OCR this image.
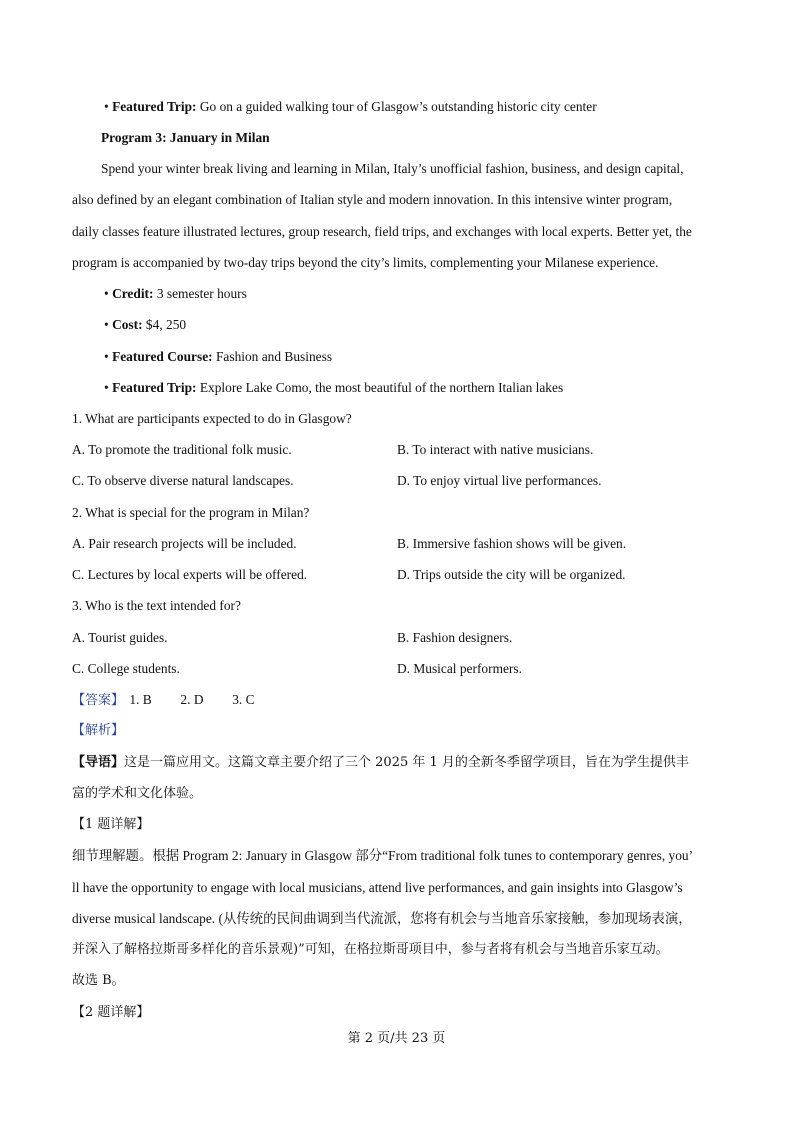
• Featured Trip: Go on a guided walking tour of Glasgow’s outstanding historic city center
Program 3: January in Milan
Spend your winter break living and learning in Milan, Italy’s unofficial fashion, business, and design capital,
also defined by an elegant combination of Italian style and modern innovation. In this intensive winter program,
daily classes feature illustrated lectures, group research, field trips, and exchanges with local experts. Better yet, the
program is accompanied by two-day trips beyond the city’s limits, complementing your Milanese experience.
• Credit: 3 semester hours
• Cost: $4, 250
• Featured Course: Fashion and Business
• Featured Trip: Explore Lake Como, the most beautiful of the northern Italian lakes
1. What are participants expected to do in Glasgow?
A. To promote the traditional folk music.	B. To interact with native musicians.
C. To observe diverse natural landscapes.	D. To enjoy virtual live performances.
2. What is special for the program in Milan?
A. Pair research projects will be included.	B. Immersive fashion shows will be given.
C. Lectures by local experts will be offered.	D. Trips outside the city will be organized.
3. Who is the text intended for?
A. Tourist guides.	B. Fashion designers.
C. College students.	D. Musical performers.
【答案】 1. B 2. D 3. C
【解析】
【导语】这是一篇应用文。这篇文章主要介绍了三个 2025 年 1 月的全新冬季留学项目，旨在为学生提供丰
富的学术和文化体验。
【1 题详解】
细节理解题。根据 Program 2: January in Glasgow 部分“From traditional folk tunes to contemporary genres, you’
ll have the opportunity to engage with local musicians, attend live performances, and gain insights into Glasgow’s
diverse musical landscape. (从传统的民间曲调到当代流派，您将有机会与当地音乐家接触，参加现场表演，
并深入了解格拉斯哥多样化的音乐景观)”可知，在格拉斯哥项目中，参与者将有机会与当地音乐家互动。
故选 B。
【2 题详解】
第 2 页/共 23 页
